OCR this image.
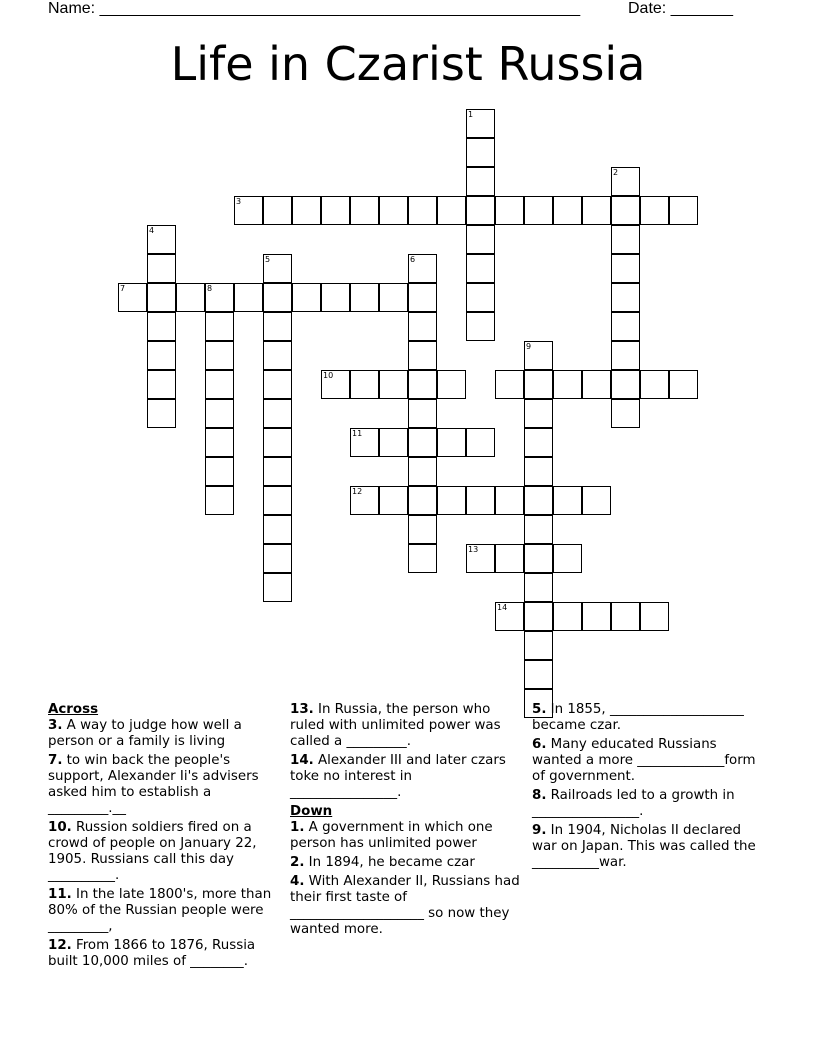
Name: ______________________________________________________	Date: _______
Life in Czarist Russia
1
2
3
4
5	6
7	8
9
10
11
12
13
14
Across
3. A way to judge how well a person or a family is living
7. to win back the people's support, Alexander Ii's advisers asked him to establish a _________.__
10. Russion soldiers fired on a crowd of people on January 22, 1905. Russians call this day __________.
11. In the late 1800's, more than 80% of the Russian people were _________,
12. From 1866 to 1876, Russia built 10,000 miles of ________.
13. In Russia, the person who ruled with unlimited power was called a _________.
14. Alexander III and later czars toke no interest in ________________.
Down
1. A government in which one person has unlimited power
2. In 1894, he became czar
4. With Alexander II, Russians had their first taste of ____________________ so now they wanted more.
5. In 1855, ____________________ became czar.
6. Many educated Russians wanted a more _____________form of government.
8. Railroads led to a growth in ________________.
9. In 1904, Nicholas II declared war on Japan. This was called the __________war.
